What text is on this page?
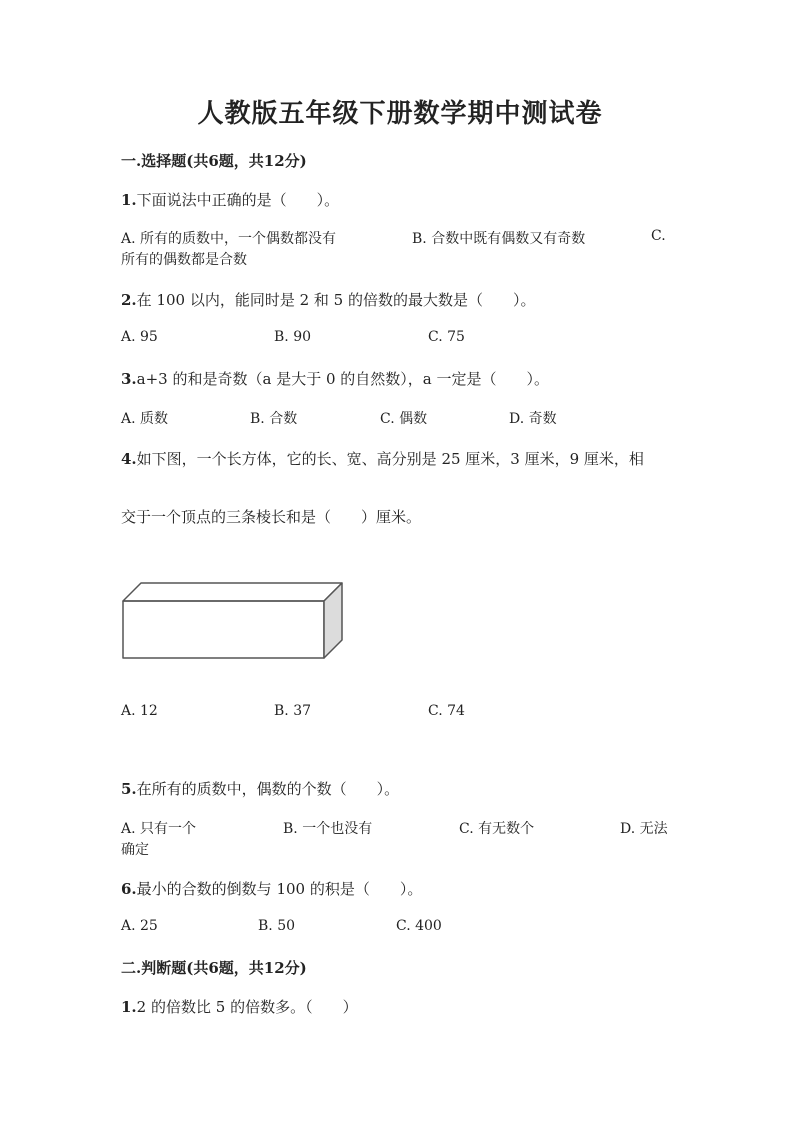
人教版五年级下册数学期中测试卷
一.选择题(共6题，共12分)
1.下面说法中正确的是（　　）。
A. 所有的质数中，一个偶数都没有	B. 合数中既有偶数又有奇数	C.
所有的偶数都是合数
2.在 100 以内，能同时是 2 和 5 的倍数的最大数是（　　）。
A. 95	B. 90	C. 75
3.a+3 的和是奇数（a 是大于 0 的自然数），a 一定是（　　）。
A. 质数	B. 合数	C. 偶数	D. 奇数
4.如下图，一个长方体，它的长、宽、高分别是 25 厘米，3 厘米，9 厘米，相
交于一个顶点的三条棱长和是（　　）厘米。
A. 12	B. 37	C. 74
5.在所有的质数中，偶数的个数（　　）。
A. 只有一个	B. 一个也没有	C. 有无数个	D. 无法
确定
6.最小的合数的倒数与 100 的积是（　　）。
A. 25	B. 50	C. 400
二.判断题(共6题，共12分)
1.2 的倍数比 5 的倍数多。（　　）
